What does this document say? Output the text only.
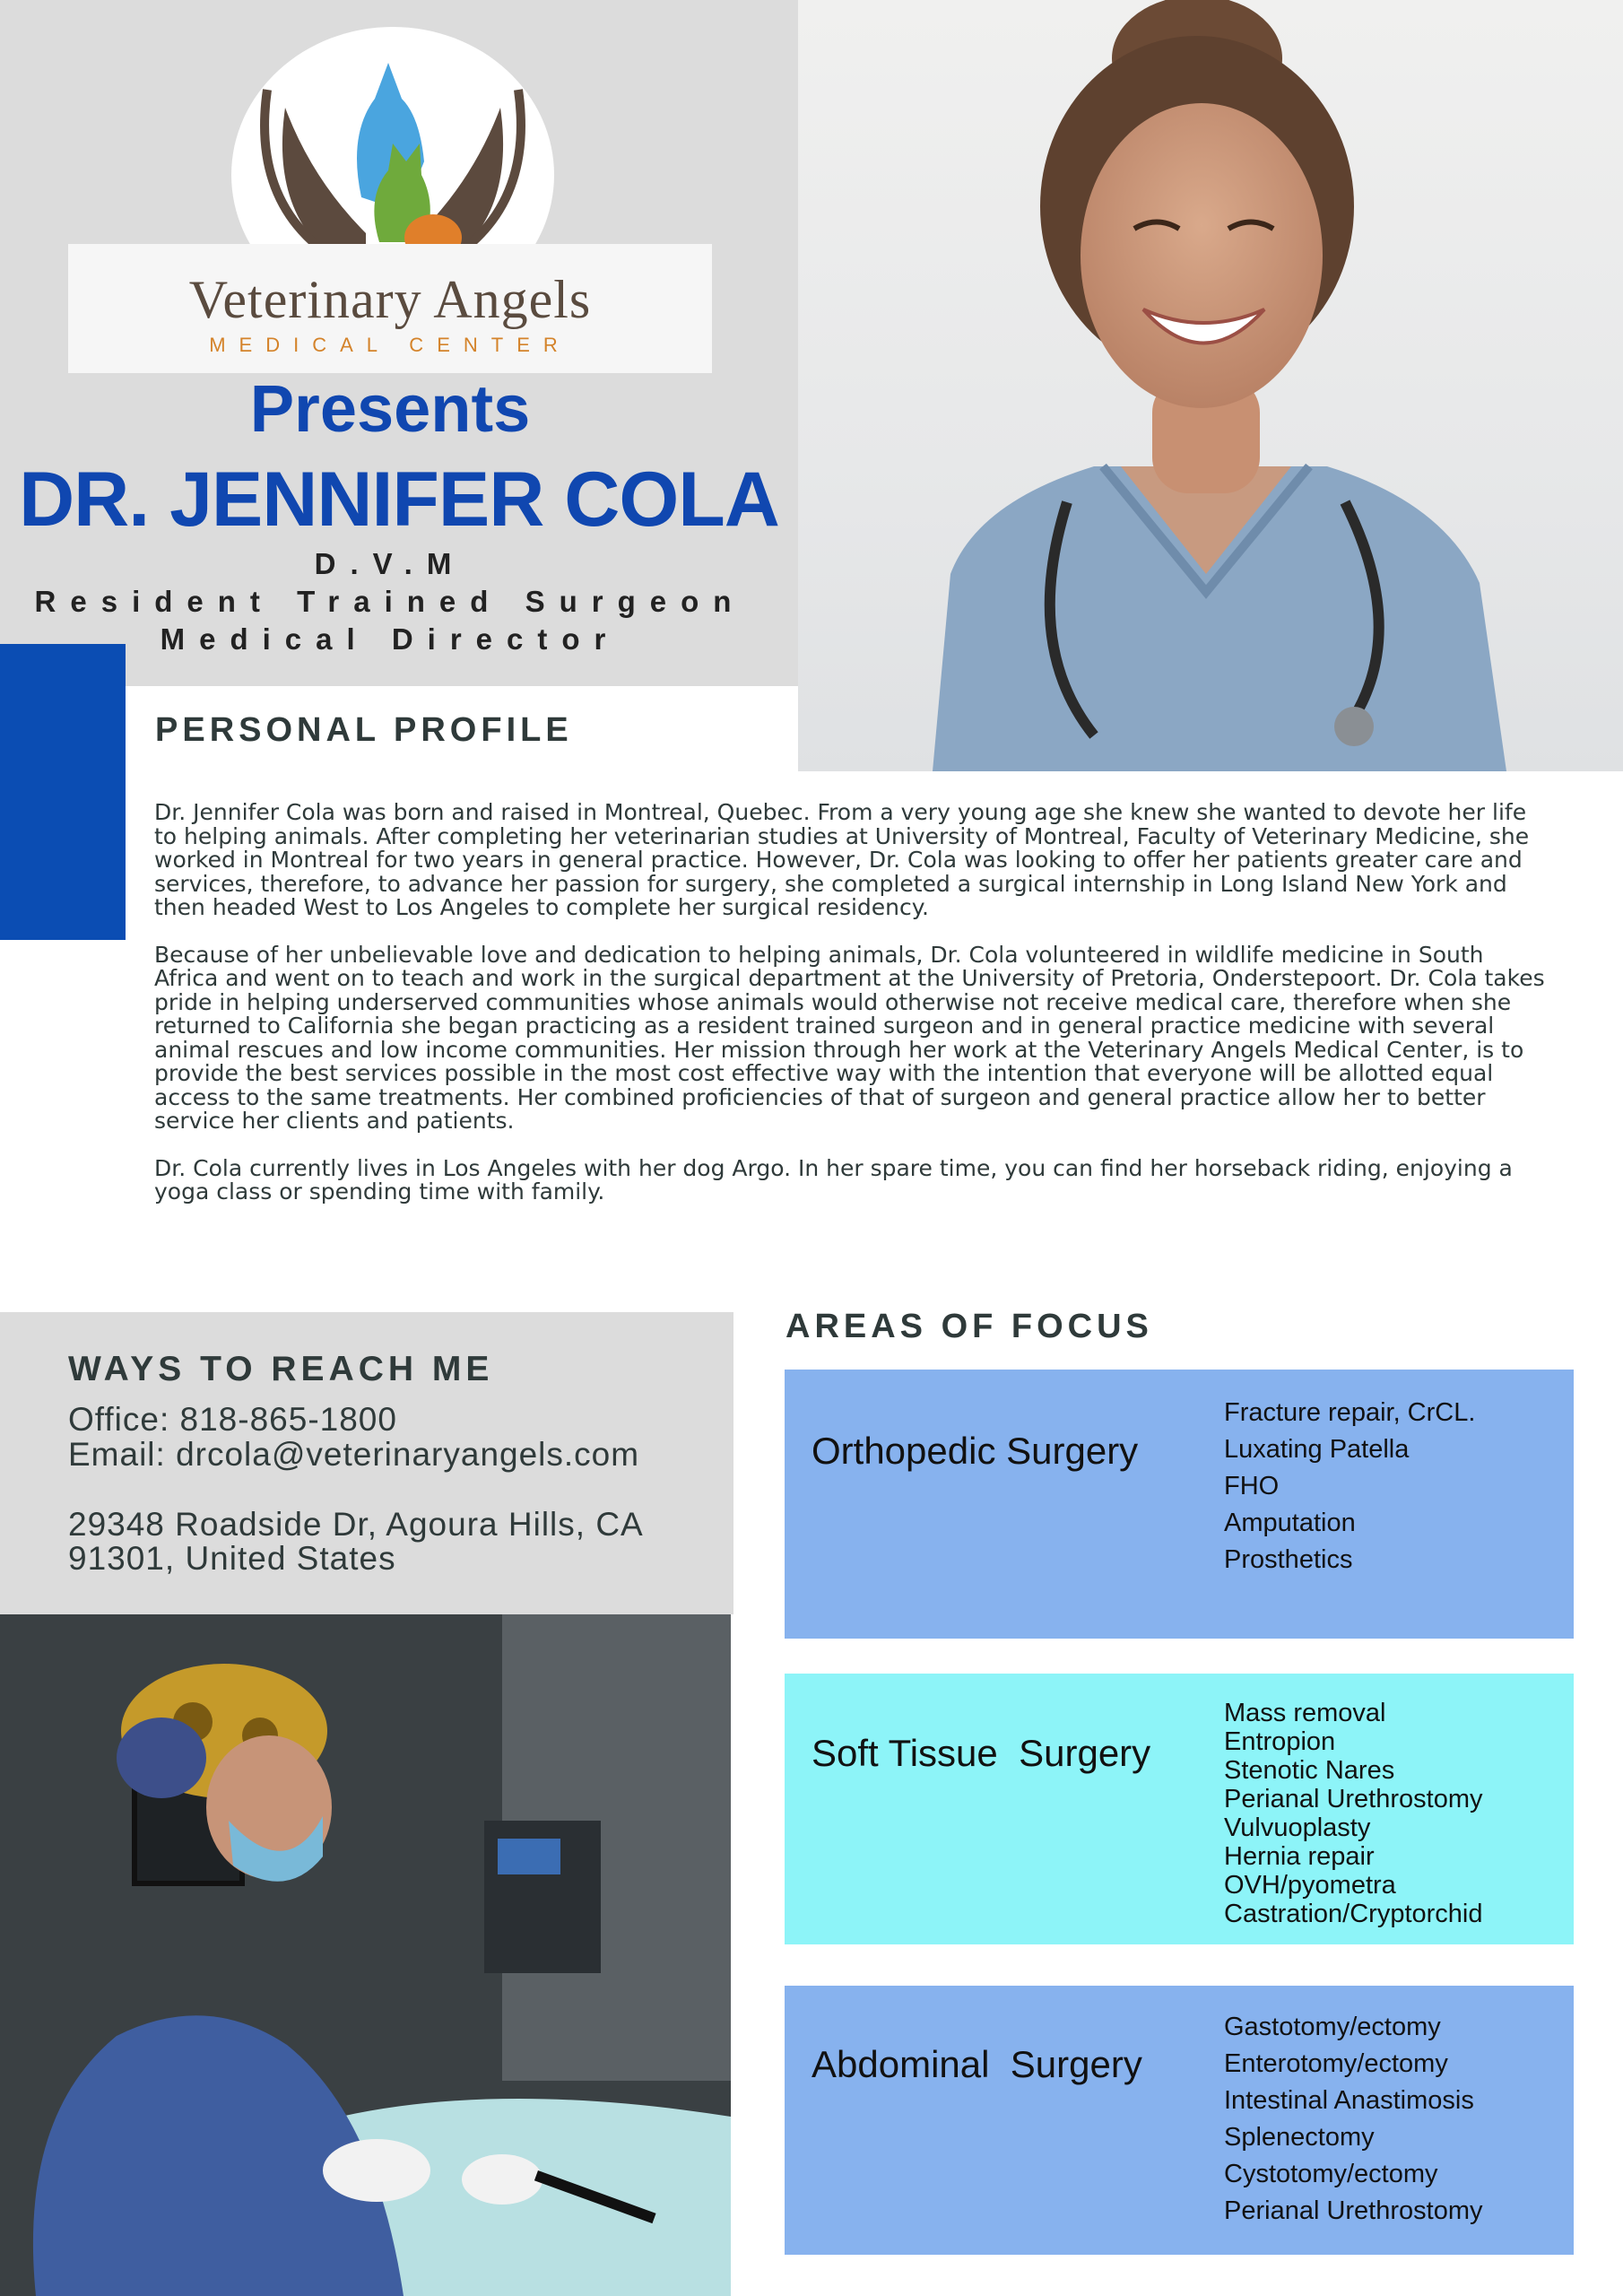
Veterinary Angels
MEDICAL CENTER
Presents
DR. JENNIFER COLA
D.V.M
Resident Trained Surgeon
Medical Director
PERSONAL PROFILE

Dr. Jennifer Cola was born and raised in Montreal, Quebec. From a very young age she knew she wanted to devote her life to helping animals. After completing her veterinarian studies at University of Montreal, Faculty of Veterinary Medicine, she worked in Montreal for two years in general practice. However, Dr. Cola was looking to offer her patients greater care and services, therefore, to advance her passion for surgery, she completed a surgical internship in Long Island New York and then headed West to Los Angeles to complete her surgical residency.

Because of her unbelievable love and dedication to helping animals, Dr. Cola volunteered in wildlife medicine in South Africa and went on to teach and work in the surgical department at the University of Pretoria, Onderstepoort. Dr. Cola takes pride in helping underserved communities whose animals would otherwise not receive medical care, therefore when she returned to California she began practicing as a resident trained surgeon and in general practice medicine with several animal rescues and low income communities. Her mission through her work at the Veterinary Angels Medical Center, is to provide the best services possible in the most cost effective way with the intention that everyone will be allotted equal access to the same treatments. Her combined proficiencies of that of surgeon and general practice allow her to better service her clients and patients.

Dr. Cola currently lives in Los Angeles with her dog Argo. In her spare time, you can find her horseback riding, enjoying a yoga class or spending time with family.

WAYS TO REACH ME
Office: 818-865-1800
Email: drcola@veterinaryangels.com
29348 Roadside Dr, Agoura Hills, CA
91301, United States
AREAS OF FOCUS
Orthopedic Surgery
Fracture repair, CrCL.
Luxating Patella
FHO
Amputation
Prosthetics
Soft Tissue  Surgery
Mass removal
Entropion
Stenotic Nares
Perianal Urethrostomy
Vulvuoplasty
Hernia repair
OVH/pyometra
Castration/Cryptorchid
Abdominal  Surgery
Gastotomy/ectomy
Enterotomy/ectomy
Intestinal Anastimosis
Splenectomy
Cystotomy/ectomy
Perianal Urethrostomy
